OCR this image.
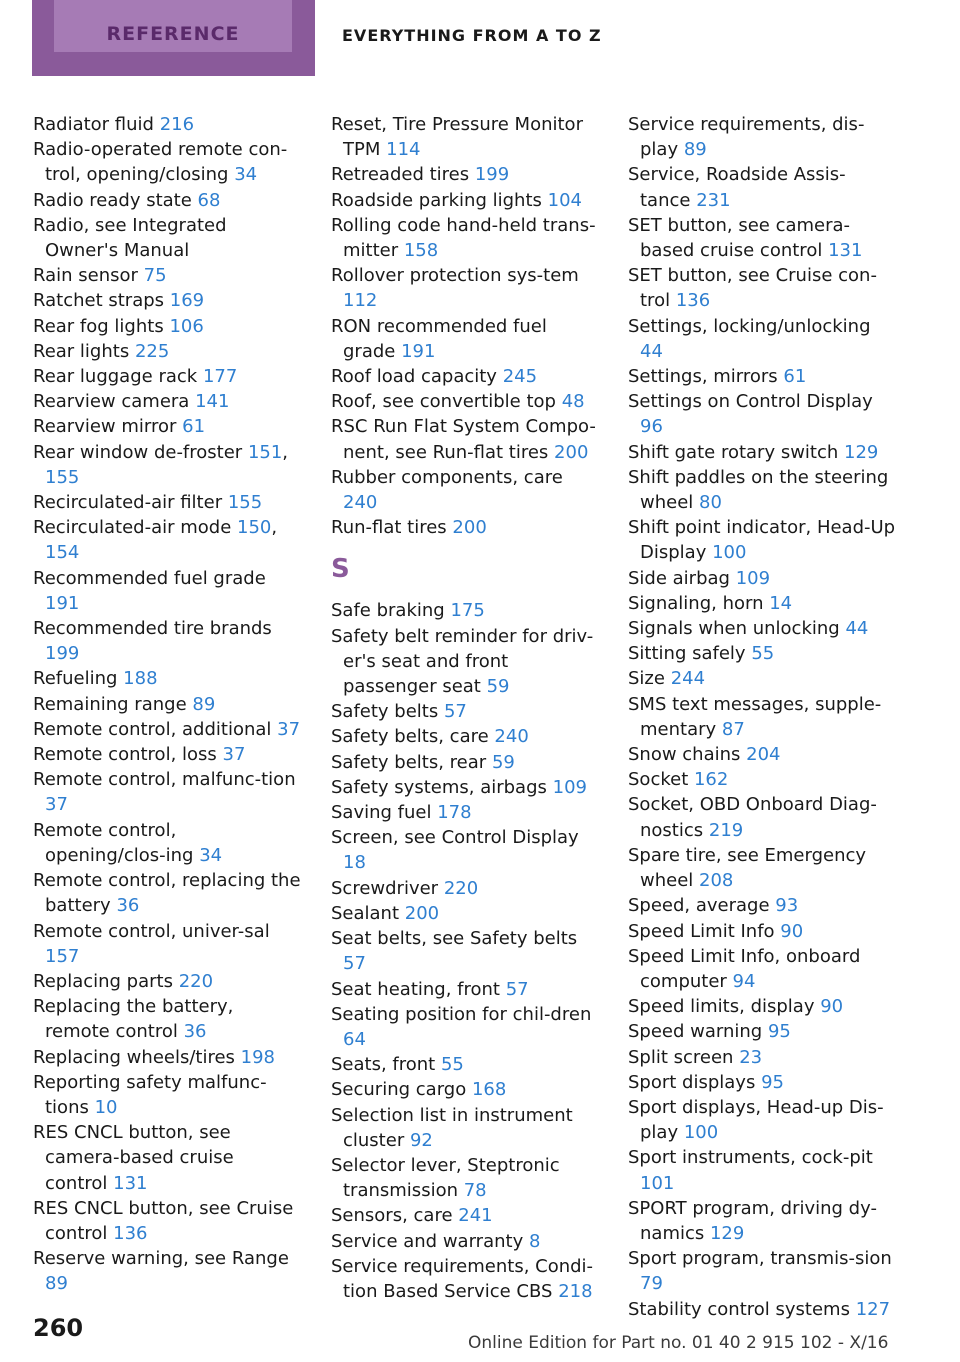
REFERENCE	EVERYTHING FROM A TO Z

Radiator fluid 216

Radio-operated remote con-trol, opening/closing 34

Radio ready state 68

Radio, see Integrated Owner's Manual

Rain sensor 75

Ratchet straps 169

Rear fog lights 106

Rear lights 225

Rear luggage rack 177

Rearview camera 141

Rearview mirror 61

Rear window de-froster 151, 155

Recirculated-air filter 155

Recirculated-air mode 150, 154

Recommended fuel grade 191

Recommended tire brands 199

Refueling 188

Remaining range 89

Remote control, additional 37

Remote control, loss 37

Remote control, malfunc-tion 37

Remote control, opening/clos-ing 34

Remote control, replacing the battery 36

Remote control, univer-sal 157

Replacing parts 220

Replacing the battery, remote control 36

Replacing wheels/tires 198

Reporting safety malfunc-tions 10

RES CNCL button, see camera-based cruise control 131

RES CNCL button, see Cruise control 136

Reserve warning, see Range 89

Reset, Tire Pressure Monitor TPM 114

Retreaded tires 199

Roadside parking lights 104

Rolling code hand-held trans-mitter 158

Rollover protection sys-tem 112

RON recommended fuel grade 191

Roof load capacity 245

Roof, see convertible top 48

RSC Run Flat System Compo-nent, see Run-flat tires 200

Rubber components, care 240

Run-flat tires 200

S

Safe braking 175

Safety belt reminder for driv-er's seat and front passenger seat 59

Safety belts 57

Safety belts, care 240

Safety belts, rear 59

Safety systems, airbags 109

Saving fuel 178

Screen, see Control Display 18

Screwdriver 220

Sealant 200

Seat belts, see Safety belts 57

Seat heating, front 57

Seating position for chil-dren 64

Seats, front 55

Securing cargo 168

Selection list in instrument cluster 92

Selector lever, Steptronic transmission 78

Sensors, care 241

Service and warranty 8

Service requirements, Condi-tion Based Service CBS 218

Service requirements, dis-play 89

Service, Roadside Assis-tance 231

SET button, see camera-based cruise control 131

SET button, see Cruise con-trol 136

Settings, locking/unlocking 44

Settings, mirrors 61

Settings on Control Display 96

Shift gate rotary switch 129

Shift paddles on the steering wheel 80

Shift point indicator, Head-Up Display 100

Side airbag 109

Signaling, horn 14

Signals when unlocking 44

Sitting safely 55

Size 244

SMS text messages, supple-mentary 87

Snow chains 204

Socket 162

Socket, OBD Onboard Diag-nostics 219

Spare tire, see Emergency wheel 208

Speed, average 93

Speed Limit Info 90

Speed Limit Info, onboard computer 94

Speed limits, display 90

Speed warning 95

Split screen 23

Sport displays 95

Sport displays, Head-up Dis-play 100

Sport instruments, cock-pit 101

SPORT program, driving dy-namics 129

Sport program, transmis-sion 79

Stability control systems 127

260
Online Edition for Part no. 01 40 2 915 102 - X/16
